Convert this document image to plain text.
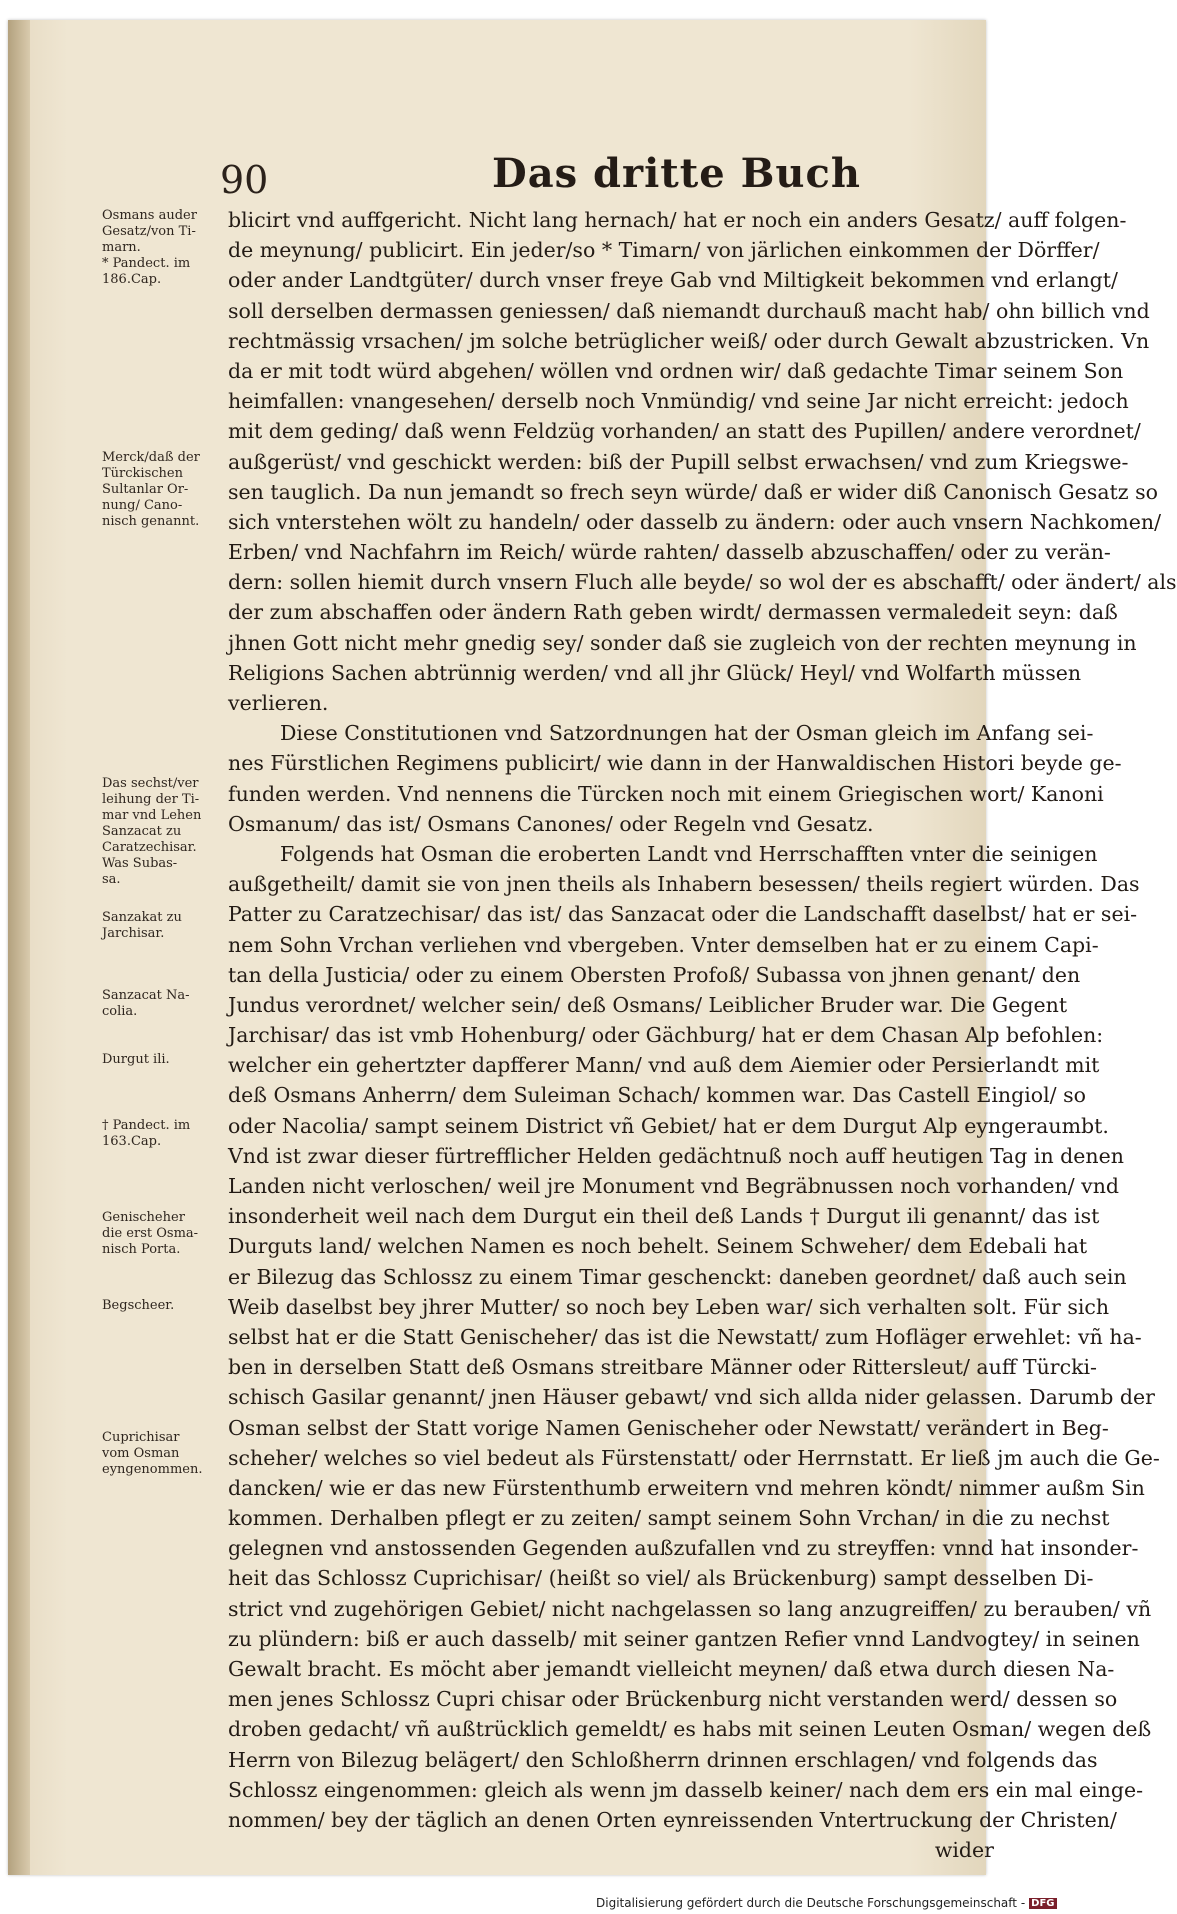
90	Das dritte Buch
Osmans auder
Gesatz/von Ti-
marn.
* Pandect. im
186.Cap.
Merck/daß der
Türckischen
Sultanlar Or-
nung/ Cano-
nisch genannt.
Das sechst/ver
leihung der Ti-
mar vnd Lehen
Sanzacat zu
Caratzechisar.
Was Subas-
sa.
Sanzakat zu
Jarchisar.
Sanzacat Na-
colia.
Durgut ili.
† Pandect. im
163.Cap.
Genischeher
die erst Osma-
nisch Porta.
Begscheer.
Cuprichisar
vom Osman
eyngenommen.
blicirt vnd auffgericht. Nicht lang hernach/ hat er noch ein anders Gesatz/ auff folgen-
de meynung/ publicirt. Ein jeder/so * Timarn/ von järlichen einkommen der Dörffer/
oder ander Landtgüter/ durch vnser freye Gab vnd Miltigkeit bekommen vnd erlangt/
soll derselben dermassen geniessen/ daß niemandt durchauß macht hab/ ohn billich vnd
rechtmässig vrsachen/ jm solche betrüglicher weiß/ oder durch Gewalt abzustricken. Vn
da er mit todt würd abgehen/ wöllen vnd ordnen wir/ daß gedachte Timar seinem Son
heimfallen: vnangesehen/ derselb noch Vnmündig/ vnd seine Jar nicht erreicht: jedoch
mit dem geding/ daß wenn Feldzüg vorhanden/ an statt des Pupillen/ andere verordnet/
außgerüst/ vnd geschickt werden: biß der Pupill selbst erwachsen/ vnd zum Kriegswe-
sen tauglich. Da nun jemandt so frech seyn würde/ daß er wider diß Canonisch Gesatz so
sich vnterstehen wölt zu handeln/ oder dasselb zu ändern: oder auch vnsern Nachkomen/
Erben/ vnd Nachfahrn im Reich/ würde rahten/ dasselb abzuschaffen/ oder zu verän-
dern: sollen hiemit durch vnsern Fluch alle beyde/ so wol der es abschafft/ oder ändert/ als
der zum abschaffen oder ändern Rath geben wirdt/ dermassen vermaledeit seyn: daß
jhnen Gott nicht mehr gnedig sey/ sonder daß sie zugleich von der rechten meynung in
Religions Sachen abtrünnig werden/ vnd all jhr Glück/ Heyl/ vnd Wolfarth müssen
verlieren.
Diese Constitutionen vnd Satzordnungen hat der Osman gleich im Anfang sei-
nes Fürstlichen Regimens publicirt/ wie dann in der Hanwaldischen Histori beyde ge-
funden werden. Vnd nennens die Türcken noch mit einem Griegischen wort/ Kanoni
Osmanum/ das ist/ Osmans Canones/ oder Regeln vnd Gesatz.
Folgends hat Osman die eroberten Landt vnd Herrschafften vnter die seinigen
außgetheilt/ damit sie von jnen theils als Inhabern besessen/ theils regiert würden. Das
Patter zu Caratzechisar/ das ist/ das Sanzacat oder die Landschafft daselbst/ hat er sei-
nem Sohn Vrchan verliehen vnd vbergeben. Vnter demselben hat er zu einem Capi-
tan della Justicia/ oder zu einem Obersten Profoß/ Subassa von jhnen genant/ den
Jundus verordnet/ welcher sein/ deß Osmans/ Leiblicher Bruder war. Die Gegent
Jarchisar/ das ist vmb Hohenburg/ oder Gächburg/ hat er dem Chasan Alp befohlen:
welcher ein gehertzter dapfferer Mann/ vnd auß dem Aiemier oder Persierlandt mit
deß Osmans Anherrn/ dem Suleiman Schach/ kommen war. Das Castell Eingiol/ so
oder Nacolia/ sampt seinem District vñ Gebiet/ hat er dem Durgut Alp eyngeraumbt.
Vnd ist zwar dieser fürtrefflicher Helden gedächtnuß noch auff heutigen Tag in denen
Landen nicht verloschen/ weil jre Monument vnd Begräbnussen noch vorhanden/ vnd
insonderheit weil nach dem Durgut ein theil deß Lands † Durgut ili genannt/ das ist
Durguts land/ welchen Namen es noch behelt. Seinem Schweher/ dem Edebali hat
er Bilezug das Schlossz zu einem Timar geschenckt: daneben geordnet/ daß auch sein
Weib daselbst bey jhrer Mutter/ so noch bey Leben war/ sich verhalten solt. Für sich
selbst hat er die Statt Genischeher/ das ist die Newstatt/ zum Hofläger erwehlet: vñ ha-
ben in derselben Statt deß Osmans streitbare Männer oder Rittersleut/ auff Türcki-
schisch Gasilar genannt/ jnen Häuser gebawt/ vnd sich allda nider gelassen. Darumb der
Osman selbst der Statt vorige Namen Genischeher oder Newstatt/ verändert in Beg-
scheher/ welches so viel bedeut als Fürstenstatt/ oder Herrnstatt. Er ließ jm auch die Ge-
dancken/ wie er das new Fürstenthumb erweitern vnd mehren köndt/ nimmer außm Sin
kommen. Derhalben pflegt er zu zeiten/ sampt seinem Sohn Vrchan/ in die zu nechst
gelegnen vnd anstossenden Gegenden außzufallen vnd zu streyffen: vnnd hat insonder-
heit das Schlossz Cuprichisar/ (heißt so viel/ als Brückenburg) sampt desselben Di-
strict vnd zugehörigen Gebiet/ nicht nachgelassen so lang anzugreiffen/ zu berauben/ vñ
zu plündern: biß er auch dasselb/ mit seiner gantzen Refier vnnd Landvogtey/ in seinen
Gewalt bracht. Es möcht aber jemandt vielleicht meynen/ daß etwa durch diesen Na-
men jenes Schlossz Cupri chisar oder Brückenburg nicht verstanden werd/ dessen so
droben gedacht/ vñ außtrücklich gemeldt/ es habs mit seinen Leuten Osman/ wegen deß
Herrn von Bilezug belägert/ den Schloßherrn drinnen erschlagen/ vnd folgends das
Schlossz eingenommen: gleich als wenn jm dasselb keiner/ nach dem ers ein mal einge-
nommen/ bey der täglich an denen Orten eynreissenden Vntertruckung der Christen/
wider
Digitalisierung gefördert durch die Deutsche Forschungsgemeinschaft - DFG
